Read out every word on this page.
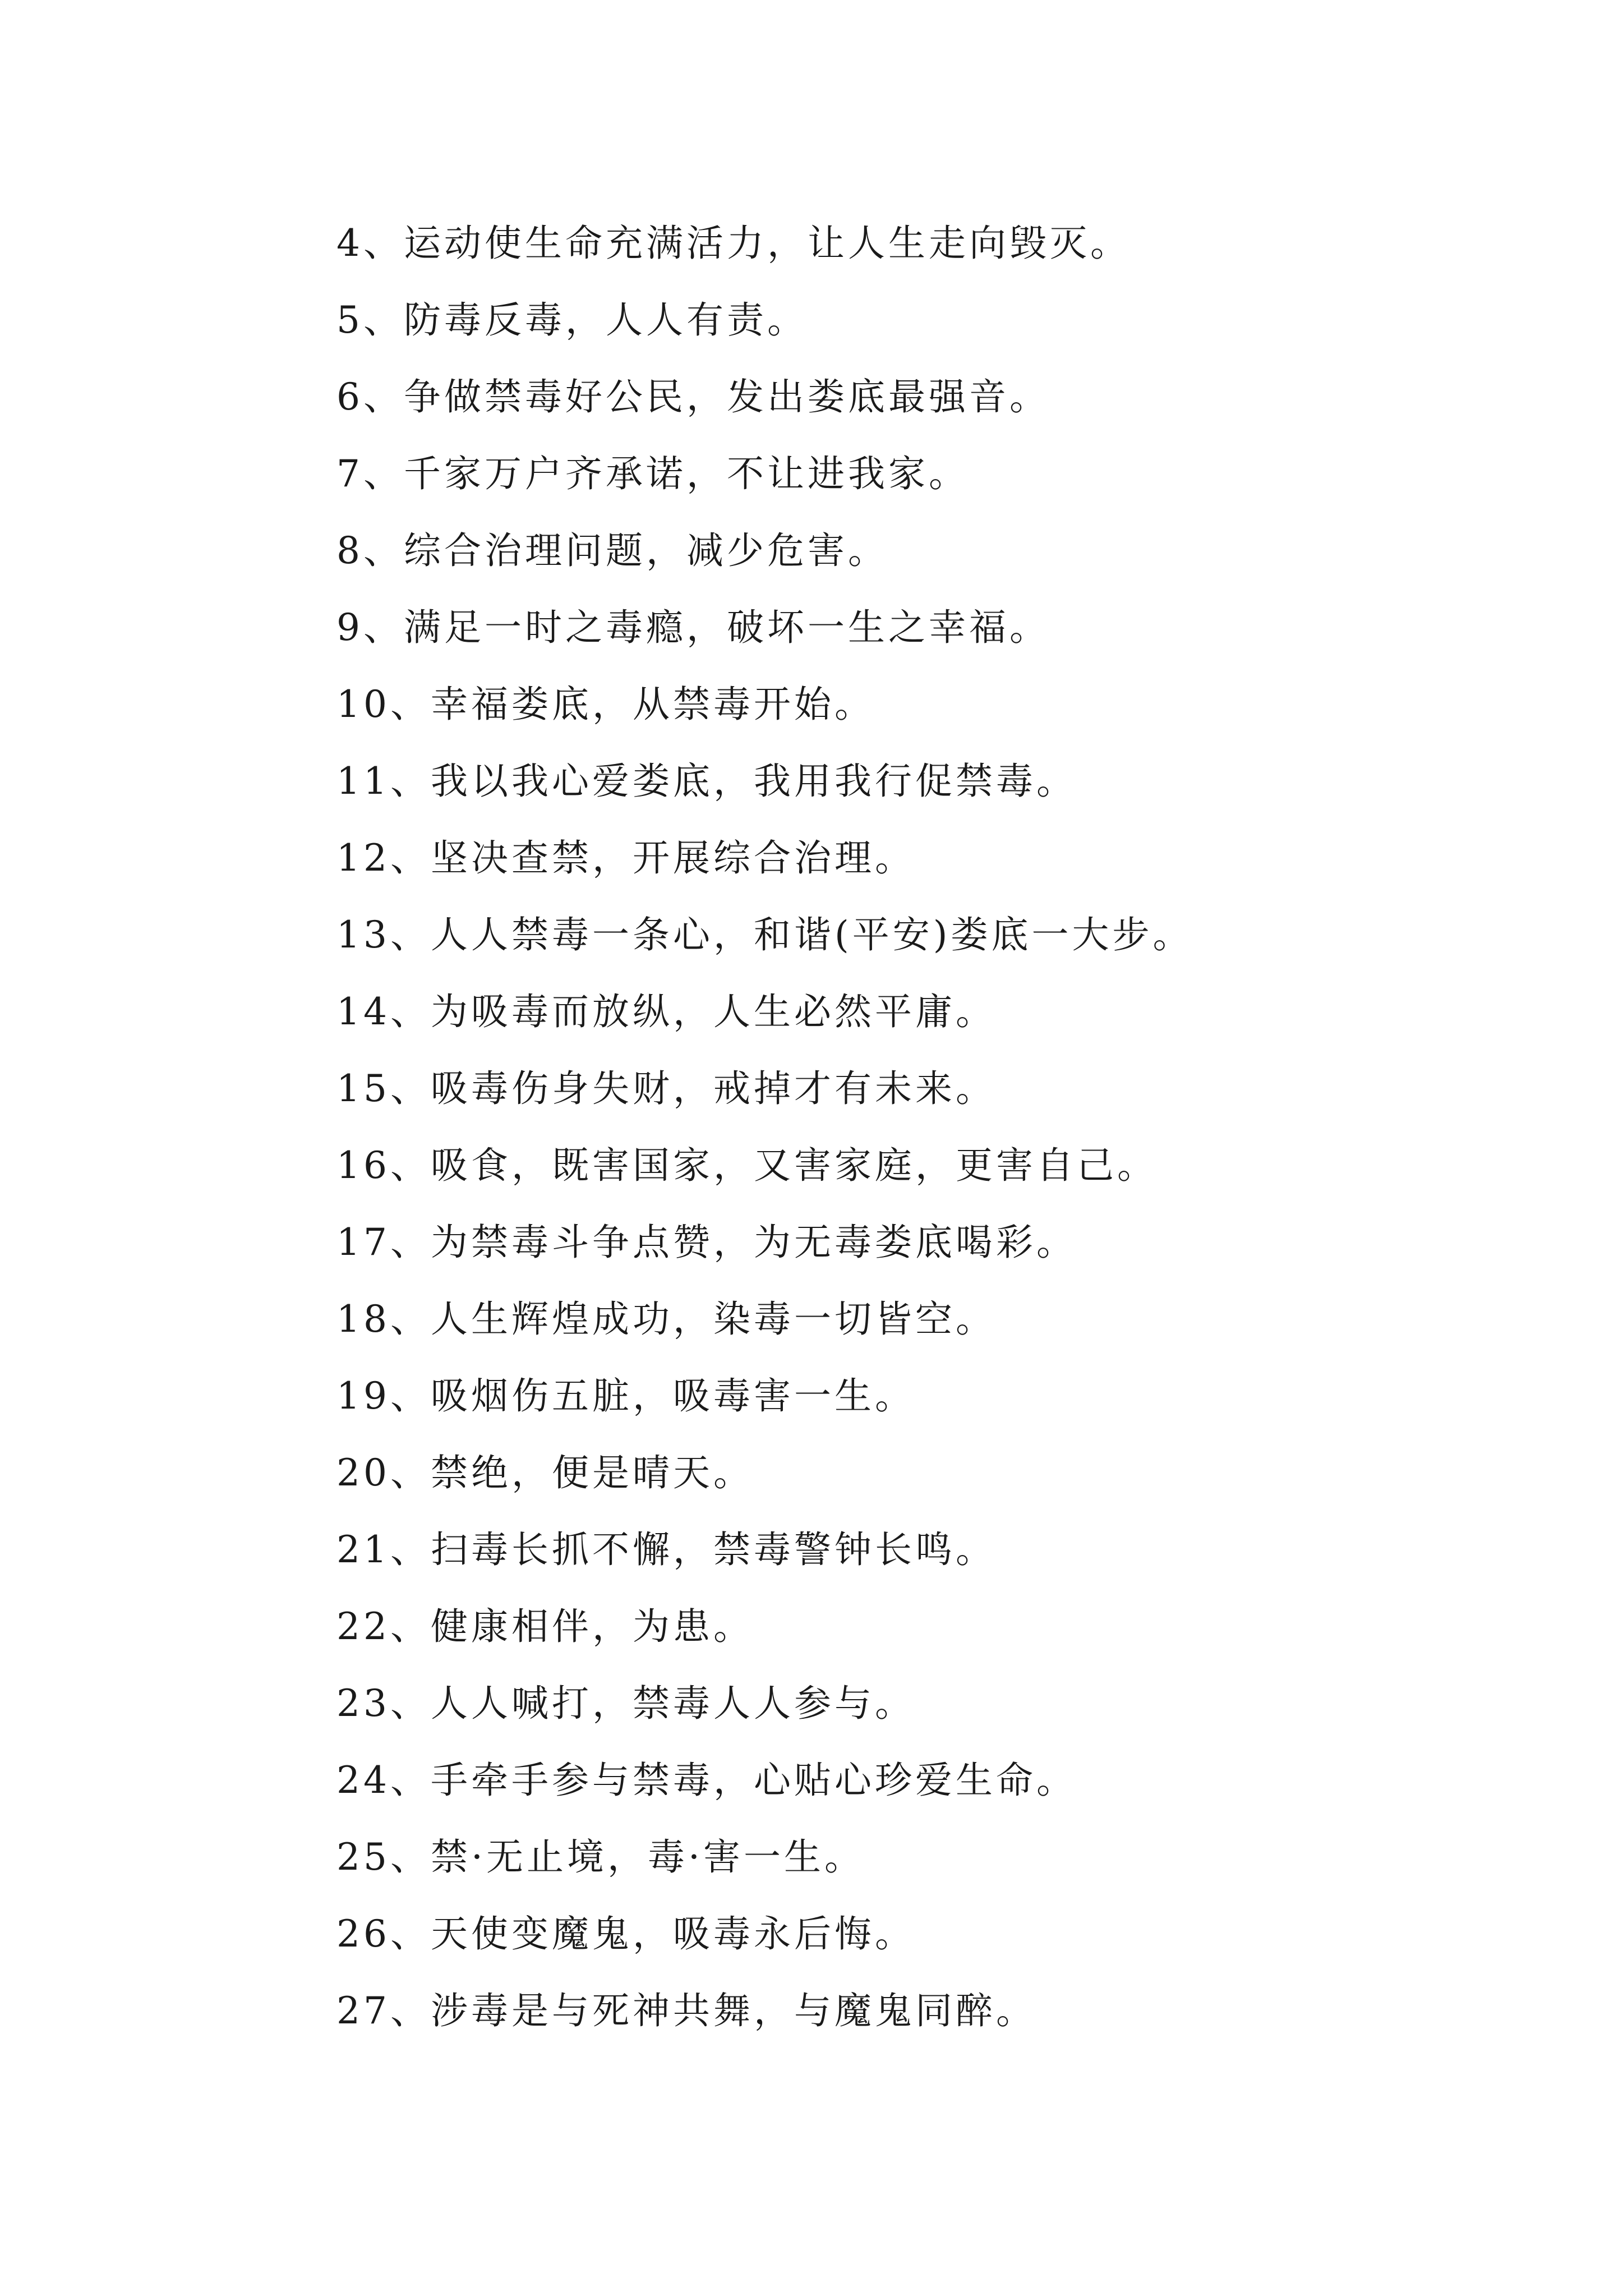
4、运动使生命充满活力，让人生走向毁灭。
5、防毒反毒，人人有责。
6、争做禁毒好公民，发出娄底最强音。
7、千家万户齐承诺，不让进我家。
8、综合治理问题，减少危害。
9、满足一时之毒瘾，破坏一生之幸福。
10、幸福娄底，从禁毒开始。
11、我以我心爱娄底，我用我行促禁毒。
12、坚决查禁，开展综合治理。
13、人人禁毒一条心，和谐(平安)娄底一大步。
14、为吸毒而放纵，人生必然平庸。
15、吸毒伤身失财，戒掉才有未来。
16、吸食，既害国家，又害家庭，更害自己。
17、为禁毒斗争点赞，为无毒娄底喝彩。
18、人生辉煌成功，染毒一切皆空。
19、吸烟伤五脏，吸毒害一生。
20、禁绝，便是晴天。
21、扫毒长抓不懈，禁毒警钟长鸣。
22、健康相伴，为患。
23、人人喊打，禁毒人人参与。
24、手牵手参与禁毒，心贴心珍爱生命。
25、禁·无止境，毒·害一生。
26、天使变魔鬼，吸毒永后悔。
27、涉毒是与死神共舞，与魔鬼同醉。
